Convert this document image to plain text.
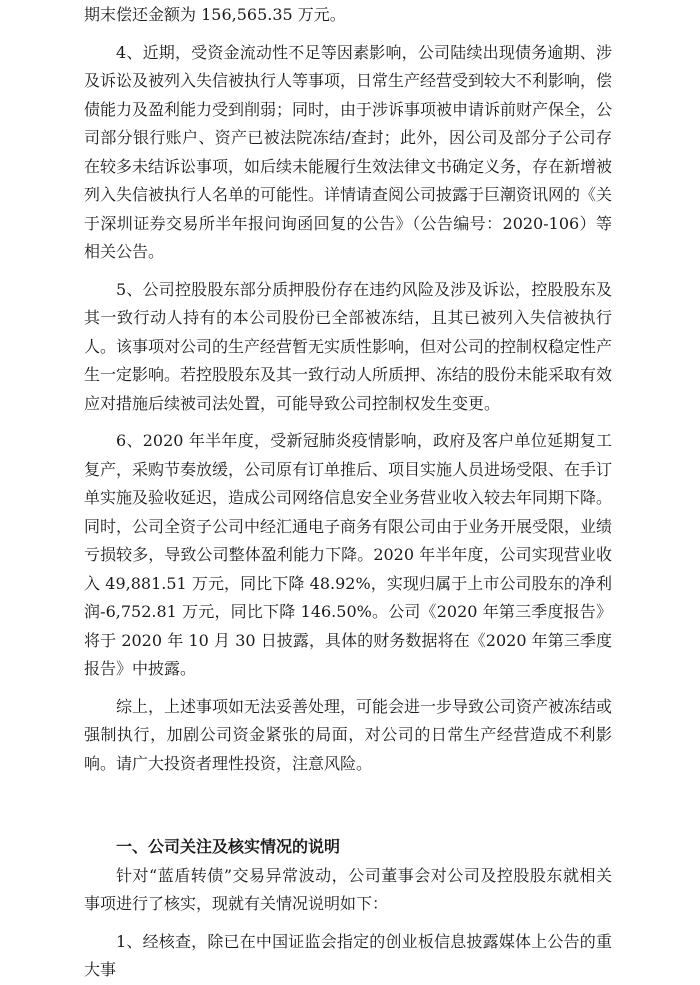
期末偿还金额为 156,565.35 万元。

4、近期，受资金流动性不足等因素影响，公司陆续出现债务逾期、涉及诉讼及被列入失信被执行人等事项，日常生产经营受到较大不利影响，偿债能力及盈利能力受到削弱；同时，由于涉诉事项被申请诉前财产保全，公司部分银行账户、资产已被法院冻结/查封；此外，因公司及部分子公司存在较多未结诉讼事项，如后续未能履行生效法律文书确定义务，存在新增被列入失信被执行人名单的可能性。详情请查阅公司披露于巨潮资讯网的《关于深圳证券交易所半年报问询函回复的公告》（公告编号：2020-106）等相关公告。

5、公司控股股东部分质押股份存在违约风险及涉及诉讼，控股股东及其一致行动人持有的本公司股份已全部被冻结，且其已被列入失信被执行人。该事项对公司的生产经营暂无实质性影响，但对公司的控制权稳定性产生一定影响。若控股股东及其一致行动人所质押、冻结的股份未能采取有效应对措施后续被司法处置，可能导致公司控制权发生变更。

6、2020 年半年度，受新冠肺炎疫情影响，政府及客户单位延期复工复产，采购节奏放缓，公司原有订单推后、项目实施人员进场受限、在手订单实施及验收延迟，造成公司网络信息安全业务营业收入较去年同期下降。同时，公司全资子公司中经汇通电子商务有限公司由于业务开展受限，业绩亏损较多，导致公司整体盈利能力下降。2020 年半年度，公司实现营业收入 49,881.51 万元，同比下降 48.92%，实现归属于上市公司股东的净利润-6,752.81 万元，同比下降 146.50%。公司《2020 年第三季度报告》将于 2020 年 10 月 30 日披露，具体的财务数据将在《2020 年第三季度报告》中披露。

综上，上述事项如无法妥善处理，可能会进一步导致公司资产被冻结或强制执行，加剧公司资金紧张的局面，对公司的日常生产经营造成不利影响。请广大投资者理性投资，注意风险。

一、公司关注及核实情况的说明

针对“蓝盾转债”交易异常波动，公司董事会对公司及控股股东就相关事项进行了核实，现就有关情况说明如下：

1、经核查，除已在中国证监会指定的创业板信息披露媒体上公告的重大事
